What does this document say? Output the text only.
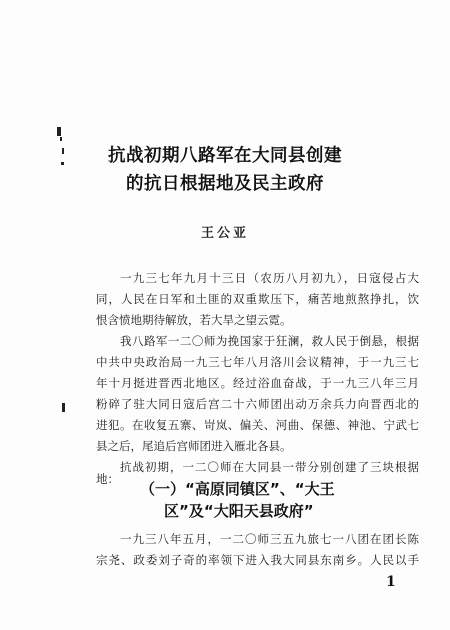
抗战初期八路军在大同县创建
的抗日根据地及民主政府
王公亚
一九三七年九月十三日（农历八月初九），日寇侵占大
同，人民在日军和土匪的双重欺压下，痛苦地煎熬挣扎，饮
恨含愤地期待解放，若大旱之望云霓。
我八路军一二〇师为挽国家于狂澜，救人民于倒悬，根据
中共中央政治局一九三七年八月洛川会议精神，于一九三七
年十月挺进晋西北地区。经过浴血奋战，于一九三八年三月
粉碎了驻大同日寇后宫二十六师团出动万余兵力向晋西北的
进犯。在收复五寨、岢岚、偏关、河曲、保德、神池、宁武七
县之后，尾追后宫师团进入雁北各县。
抗战初期，一二〇师在大同县一带分别创建了三块根据
地：
（一）“高原同镇区”、“大王
区”及“大阳天县政府”
一九三八年五月，一二〇师三五九旅七一八团在团长陈
宗尧、政委刘子奇的率领下进入我大同县东南乡。人民以手
1
